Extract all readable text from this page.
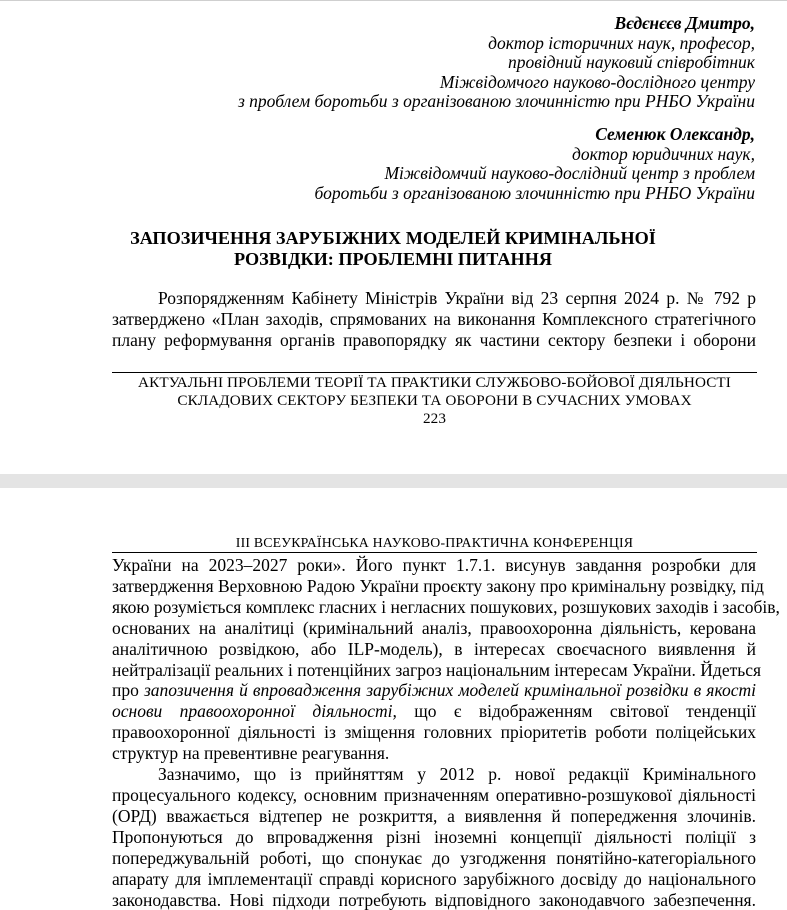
Вєдєнєєв Дмитро,
доктор історичних наук, професор,
провідний науковий співробітник
Міжвідомчого науково-дослідного центру
з проблем боротьби з організованою злочинністю при РНБО України
Семенюк Олександр,
доктор юридичних наук,
Міжвідомчий науково-дослідний центр з проблем
боротьби з організованою злочинністю при РНБО України
ЗАПОЗИЧЕННЯ ЗАРУБІЖНИХ МОДЕЛЕЙ КРИМІНАЛЬНОЇ
РОЗВІДКИ: ПРОБЛЕМНІ ПИТАННЯ
Розпорядженням Кабінету Міністрів України від 23 серпня 2024 р. № 792 р
затверджено «План заходів, спрямованих на виконання Комплексного стратегічного
плану реформування органів правопорядку як частини сектору безпеки і оборони
АКТУАЛЬНІ ПРОБЛЕМИ ТЕОРІЇ ТА ПРАКТИКИ СЛУЖБОВО-БОЙОВОЇ ДІЯЛЬНОСТІ
СКЛАДОВИХ СЕКТОРУ БЕЗПЕКИ ТА ОБОРОНИ В СУЧАСНИХ УМОВАХ
223
III ВСЕУКРАЇНСЬКА НАУКОВО-ПРАКТИЧНА КОНФЕРЕНЦІЯ
України на 2023–2027 роки». Його пункт 1.7.1. висунув завдання розробки для
затвердження Верховною Радою України проєкту закону про кримінальну розвідку, під
якою розуміється комплекс гласних і негласних пошукових, розшукових заходів і засобів,
основаних на аналітиці (кримінальний аналіз, правоохоронна діяльність, керована
аналітичною розвідкою, або ILP-модель), в інтересах своєчасного виявлення й
нейтралізації реальних і потенційних загроз національним інтересам України. Йдеться
про запозичення й впровадження зарубіжних моделей кримінальної розвідки в якості
основи правоохоронної діяльності, що є відображенням світової тенденції
правоохоронної діяльності із зміщення головних пріоритетів роботи поліцейських
структур на превентивне реагування.
Зазначимо, що із прийняттям у 2012 р. нової редакції Кримінального
процесуального кодексу, основним призначенням оперативно-розшукової діяльності
(ОРД) вважається відтепер не розкриття, а виявлення й попередження злочинів.
Пропонуються до впровадження різні іноземні концепції діяльності поліції з
попереджувальній роботі, що спонукає до узгодження понятійно-категоріального
апарату для імплементації справді корисного зарубіжного досвіду до національного
законодавства. Нові підходи потребують відповідного законодавчого забезпечення.
